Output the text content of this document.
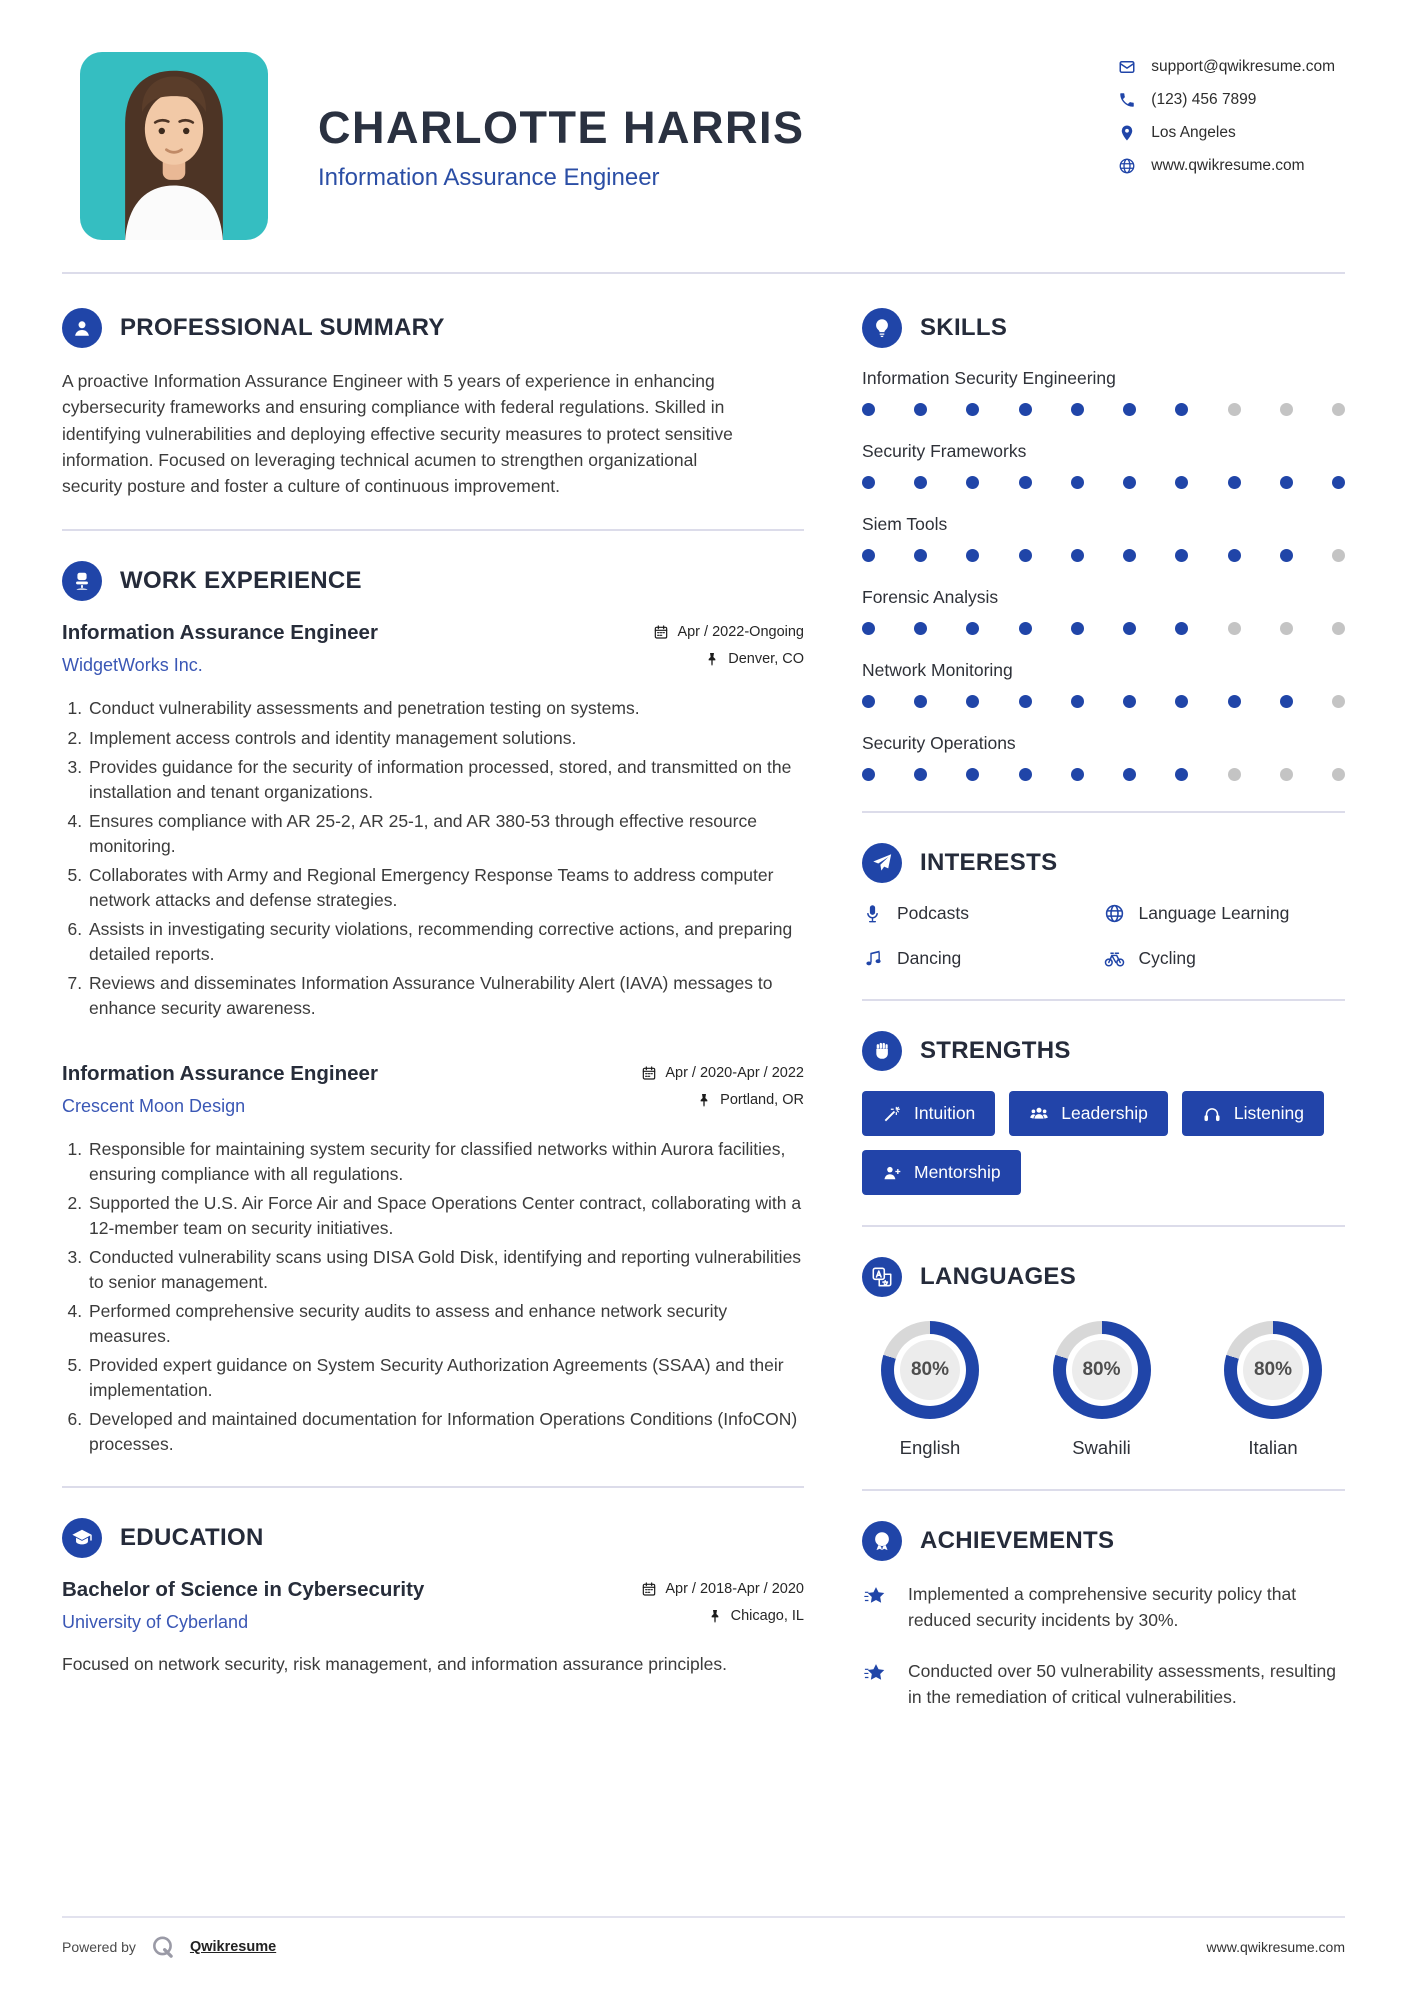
CHARLOTTE HARRIS
Information Assurance Engineer
support@qwikresume.com
(123) 456 7899
Los Angeles
www.qwikresume.com
PROFESSIONAL SUMMARY

A proactive Information Assurance Engineer with 5 years of experience in enhancing cybersecurity frameworks and ensuring compliance with federal regulations. Skilled in identifying vulnerabilities and deploying effective security measures to protect sensitive information. Focused on leveraging technical acumen to strengthen organizational security posture and foster a culture of continuous improvement.

WORK EXPERIENCE
Information Assurance Engineer
WidgetWorks Inc.
Apr / 2022-Ongoing
Denver, CO
1. Conduct vulnerability assessments and penetration testing on systems.
2. Implement access controls and identity management solutions.
3. Provides guidance for the security of information processed, stored, and transmitted on the installation and tenant organizations.
4. Ensures compliance with AR 25-2, AR 25-1, and AR 380-53 through effective resource monitoring.
5. Collaborates with Army and Regional Emergency Response Teams to address computer network attacks and defense strategies.
6. Assists in investigating security violations, recommending corrective actions, and preparing detailed reports.
7. Reviews and disseminates Information Assurance Vulnerability Alert (IAVA) messages to enhance security awareness.
Information Assurance Engineer
Crescent Moon Design
Apr / 2020-Apr / 2022
Portland, OR
1. Responsible for maintaining system security for classified networks within Aurora facilities, ensuring compliance with all regulations.
2. Supported the U.S. Air Force Air and Space Operations Center contract, collaborating with a 12-member team on security initiatives.
3. Conducted vulnerability scans using DISA Gold Disk, identifying and reporting vulnerabilities to senior management.
4. Performed comprehensive security audits to assess and enhance network security measures.
5. Provided expert guidance on System Security Authorization Agreements (SSAA) and their implementation.
6. Developed and maintained documentation for Information Operations Conditions (InfoCON) processes.
EDUCATION
Bachelor of Science in Cybersecurity
University of Cyberland
Apr / 2018-Apr / 2020
Chicago, IL

Focused on network security, risk management, and information assurance principles.

SKILLS
Information Security Engineering
Security Frameworks
Siem Tools
Forensic Analysis
Network Monitoring
Security Operations
INTERESTS
Podcasts	Language Learning
Dancing	Cycling
STRENGTHS
Intuition	Leadership	Listening
Mentorship
LANGUAGES
80%
English
80%
Swahili
80%
Italian
ACHIEVEMENTS

Implemented a comprehensive security policy that reduced security incidents by 30%.

Conducted over 50 vulnerability assessments, resulting in the remediation of critical vulnerabilities.

Powered by	Qwikresume	www.qwikresume.com
